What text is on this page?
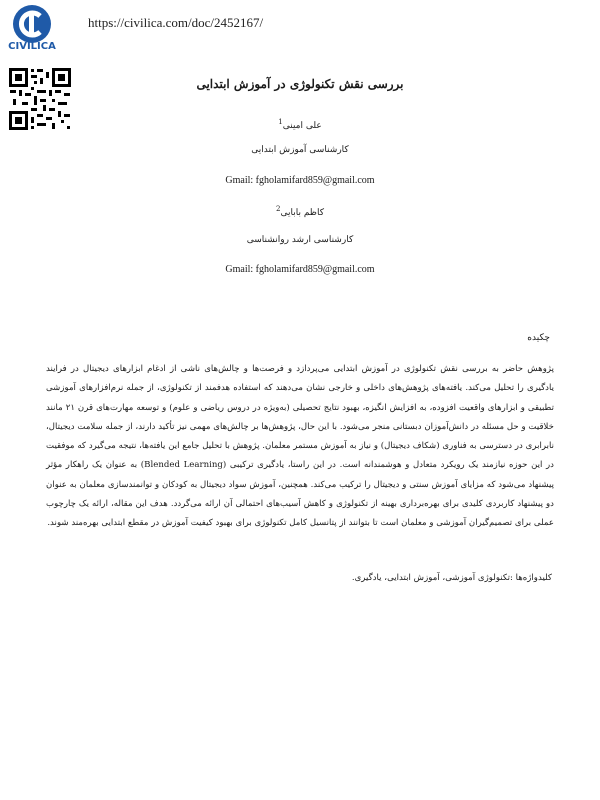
CIVILICA
https://civilica.com/doc/2452167/
بررسی نقش تکنولوژی در آموزش ابتدایی
علی امینی$^1$
کارشناسی آموزش ابتدایی
Gmail: fgholamifard859@gmail.com
کاظم بابایی$^2$
کارشناسی ارشد روانشناسی
Gmail: fgholamifard859@gmail.com
چکیده
پژوهش حاضر به بررسی نقش تکنولوژی در آموزش ابتدایی می‌پردازد و فرصت‌ها و چالش‌های ناشی از ادغام ابزارهای دیجیتال در فرایند یادگیری را تحلیل می‌کند. یافته‌های پژوهش‌های داخلی و خارجی نشان می‌دهند که استفاده هدفمند از تکنولوژی، از جمله نرم‌افزارهای آموزشی تطبیقی و ابزارهای واقعیت افزوده، به افزایش انگیزه، بهبود نتایج تحصیلی (به‌ویژه در دروس ریاضی و علوم) و توسعه مهارت‌های قرن ۲۱ مانند خلاقیت و حل مسئله در دانش‌آموزان دبستانی منجر می‌شود. با این حال، پژوهش‌ها بر چالش‌های مهمی نیز تأکید دارند، از جمله سلامت دیجیتال، نابرابری در دسترسی به فناوری (شکاف دیجیتال) و نیاز به آموزش مستمر معلمان. پژوهش با تحلیل جامع این یافته‌ها، نتیجه می‌گیرد که موفقیت در این حوزه نیازمند یک رویکرد متعادل و هوشمندانه است. در این راستا، یادگیری ترکیبی (Blended Learning) به عنوان یک راهکار مؤثر پیشنهاد می‌شود که مزایای آموزش سنتی و دیجیتال را ترکیب می‌کند. همچنین، آموزش سواد دیجیتال به کودکان و توانمندسازی معلمان به عنوان دو پیشنهاد کاربردی کلیدی برای بهره‌برداری بهینه از تکنولوژی و کاهش آسیب‌های احتمالی آن ارائه می‌گردد. هدف این مقاله، ارائه یک چارچوب عملی برای تصمیم‌گیران آموزشی و معلمان است تا بتوانند از پتانسیل کامل تکنولوژی برای بهبود کیفیت آموزش در مقطع ابتدایی بهره‌مند شوند.
کلیدواژه‌ها :تکنولوژی آموزشی، آموزش ابتدایی، یادگیری.
